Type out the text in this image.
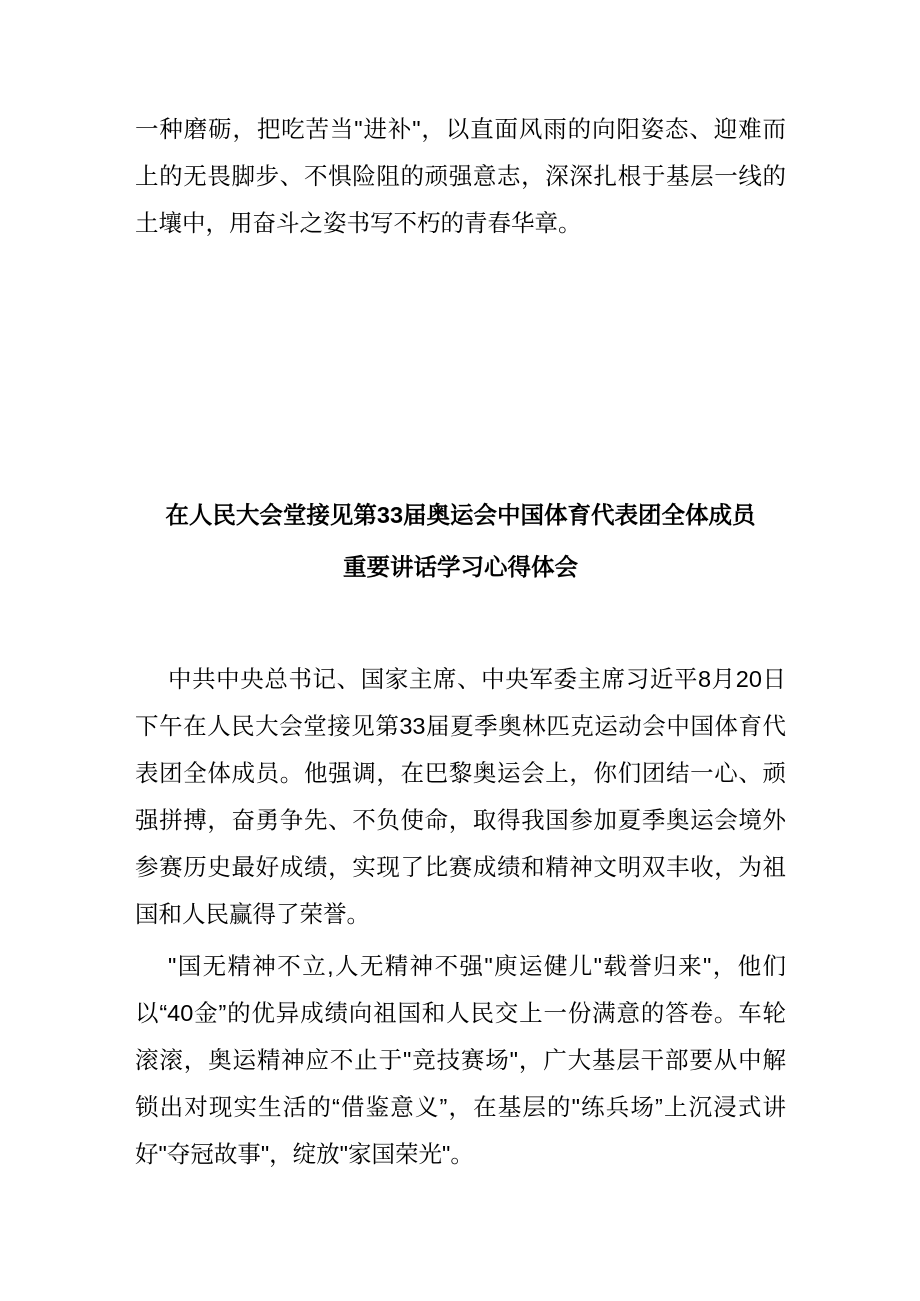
一种磨砺，把吃苦当"进补"，以直面风雨的向阳姿态、迎难而上的无畏脚步、不惧险阻的顽强意志，深深扎根于基层一线的土壤中，用奋斗之姿书写不朽的青春华章。

在人民大会堂接见第33届奥运会中国体育代表团全体成员
重要讲话学习心得体会

中共中央总书记、国家主席、中央军委主席习近平8月20日下午在人民大会堂接见第33届夏季奥林匹克运动会中国体育代表团全体成员。他强调，在巴黎奥运会上，你们团结一心、顽强拼搏，奋勇争先、不负使命，取得我国参加夏季奥运会境外参赛历史最好成绩，实现了比赛成绩和精神文明双丰收，为祖国和人民赢得了荣誉。

"国无精神不立,人无精神不强"庾运健儿"载誉归来"，他们以“40金”的优异成绩向祖国和人民交上一份满意的答卷。车轮滚滚，奥运精神应不止于"竞技赛场"，广大基层干部要从中解锁出对现实生活的“借鉴意义”，在基层的"练兵场”上沉浸式讲好"夺冠故事"，绽放"家国荣光"。
